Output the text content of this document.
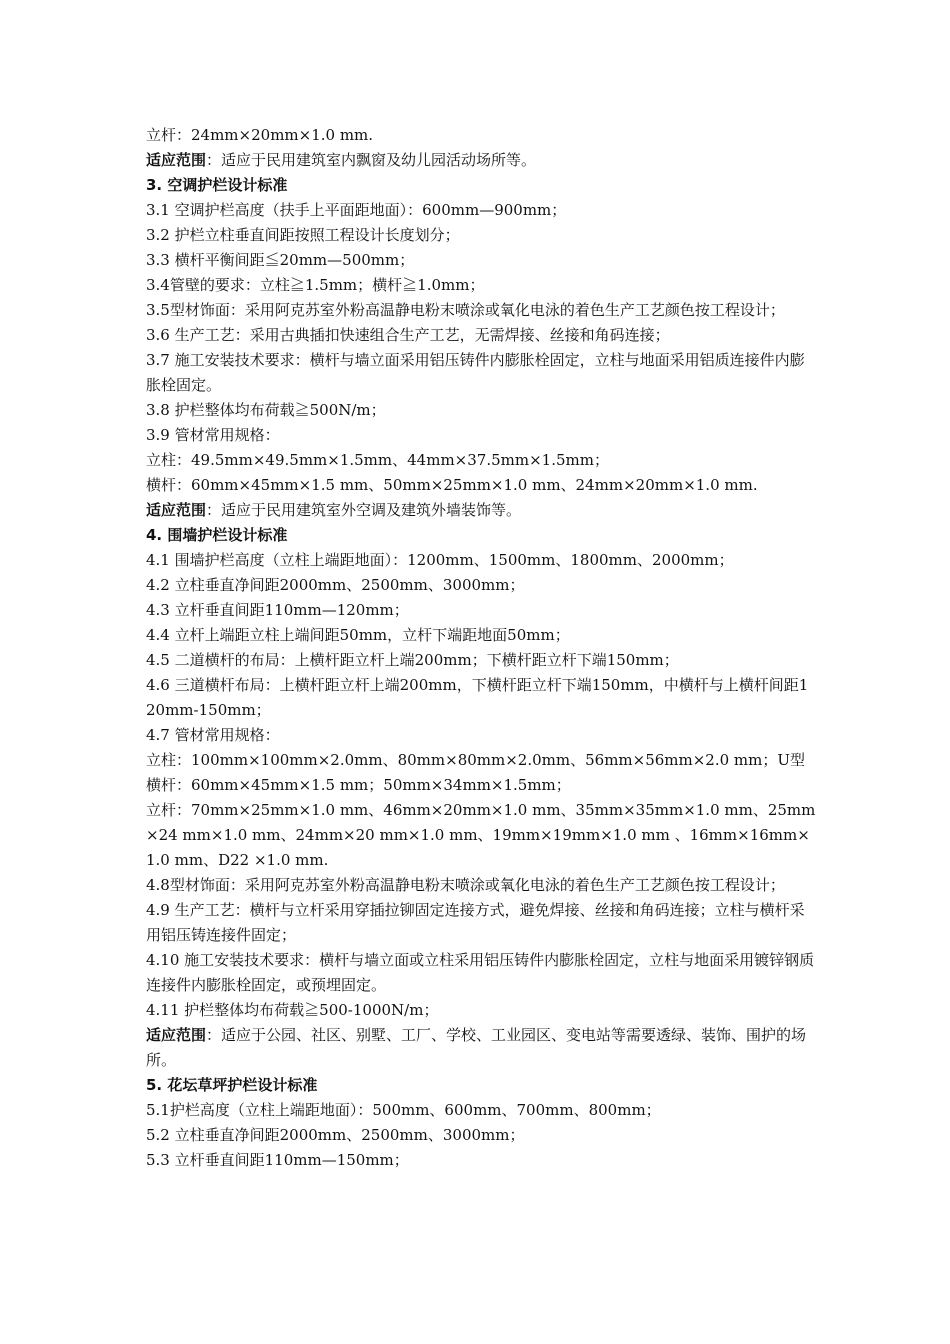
立杆：24mm×20mm×1.0 mm.

适应范围：适应于民用建筑室内飘窗及幼儿园活动场所等。

3. 空调护栏设计标准

3.1 空调护栏高度（扶手上平面距地面）：600mm—900mm；

3.2 护栏立柱垂直间距按照工程设计长度划分；

3.3 横杆平衡间距≦20mm—500mm；

3.4管壁的要求：立柱≧1.5mm；横杆≧1.0mm；

3.5型材饰面：采用阿克苏室外粉高温静电粉末喷涂或氧化电泳的着色生产工艺颜色按工程设计；

3.6 生产工艺：采用古典插扣快速组合生产工艺，无需焊接、丝接和角码连接；

3.7 施工安装技术要求：横杆与墙立面采用铝压铸件内膨胀栓固定，立柱与地面采用铝质连接件内膨胀栓固定。

3.8 护栏整体均布荷载≧500N/m；

3.9 管材常用规格：

立柱：49.5mm×49.5mm×1.5mm、44mm×37.5mm×1.5mm；

横杆：60mm×45mm×1.5 mm、50mm×25mm×1.0 mm、24mm×20mm×1.0 mm.

适应范围：适应于民用建筑室外空调及建筑外墙装饰等。

4. 围墙护栏设计标准

4.1 围墙护栏高度（立柱上端距地面）：1200mm、1500mm、1800mm、2000mm；

4.2 立柱垂直净间距2000mm、2500mm、3000mm；

4.3 立杆垂直间距110mm—120mm；

4.4 立杆上端距立柱上端间距50mm，立杆下端距地面50mm；

4.5 二道横杆的布局：上横杆距立杆上端200mm；下横杆距立杆下端150mm；

4.6 三道横杆布局：上横杆距立杆上端200mm，下横杆距立杆下端150mm，中横杆与上横杆间距120mm-150mm；

4.7 管材常用规格：

立柱：100mm×100mm×2.0mm、80mm×80mm×2.0mm、56mm×56mm×2.0 mm；U型横杆：60mm×45mm×1.5 mm；50mm×34mm×1.5mm；

立杆：70mm×25mm×1.0 mm、46mm×20mm×1.0 mm、35mm×35mm×1.0 mm、25mm×24 mm×1.0 mm、24mm×20 mm×1.0 mm、19mm×19mm×1.0 mm 、16mm×16mm×1.0 mm、D22 ×1.0 mm.

4.8型材饰面：采用阿克苏室外粉高温静电粉末喷涂或氧化电泳的着色生产工艺颜色按工程设计；

4.9 生产工艺：横杆与立杆采用穿插拉铆固定连接方式，避免焊接、丝接和角码连接；立柱与横杆采用铝压铸连接件固定；

4.10 施工安装技术要求：横杆与墙立面或立柱采用铝压铸件内膨胀栓固定，立柱与地面采用镀锌钢质连接件内膨胀栓固定，或预埋固定。

4.11 护栏整体均布荷载≧500-1000N/m；

适应范围：适应于公园、社区、别墅、工厂、学校、工业园区、变电站等需要透绿、装饰、围护的场所。

5. 花坛草坪护栏设计标准

5.1护栏高度（立柱上端距地面）：500mm、600mm、700mm、800mm；

5.2 立柱垂直净间距2000mm、2500mm、3000mm；

5.3 立杆垂直间距110mm—150mm；
